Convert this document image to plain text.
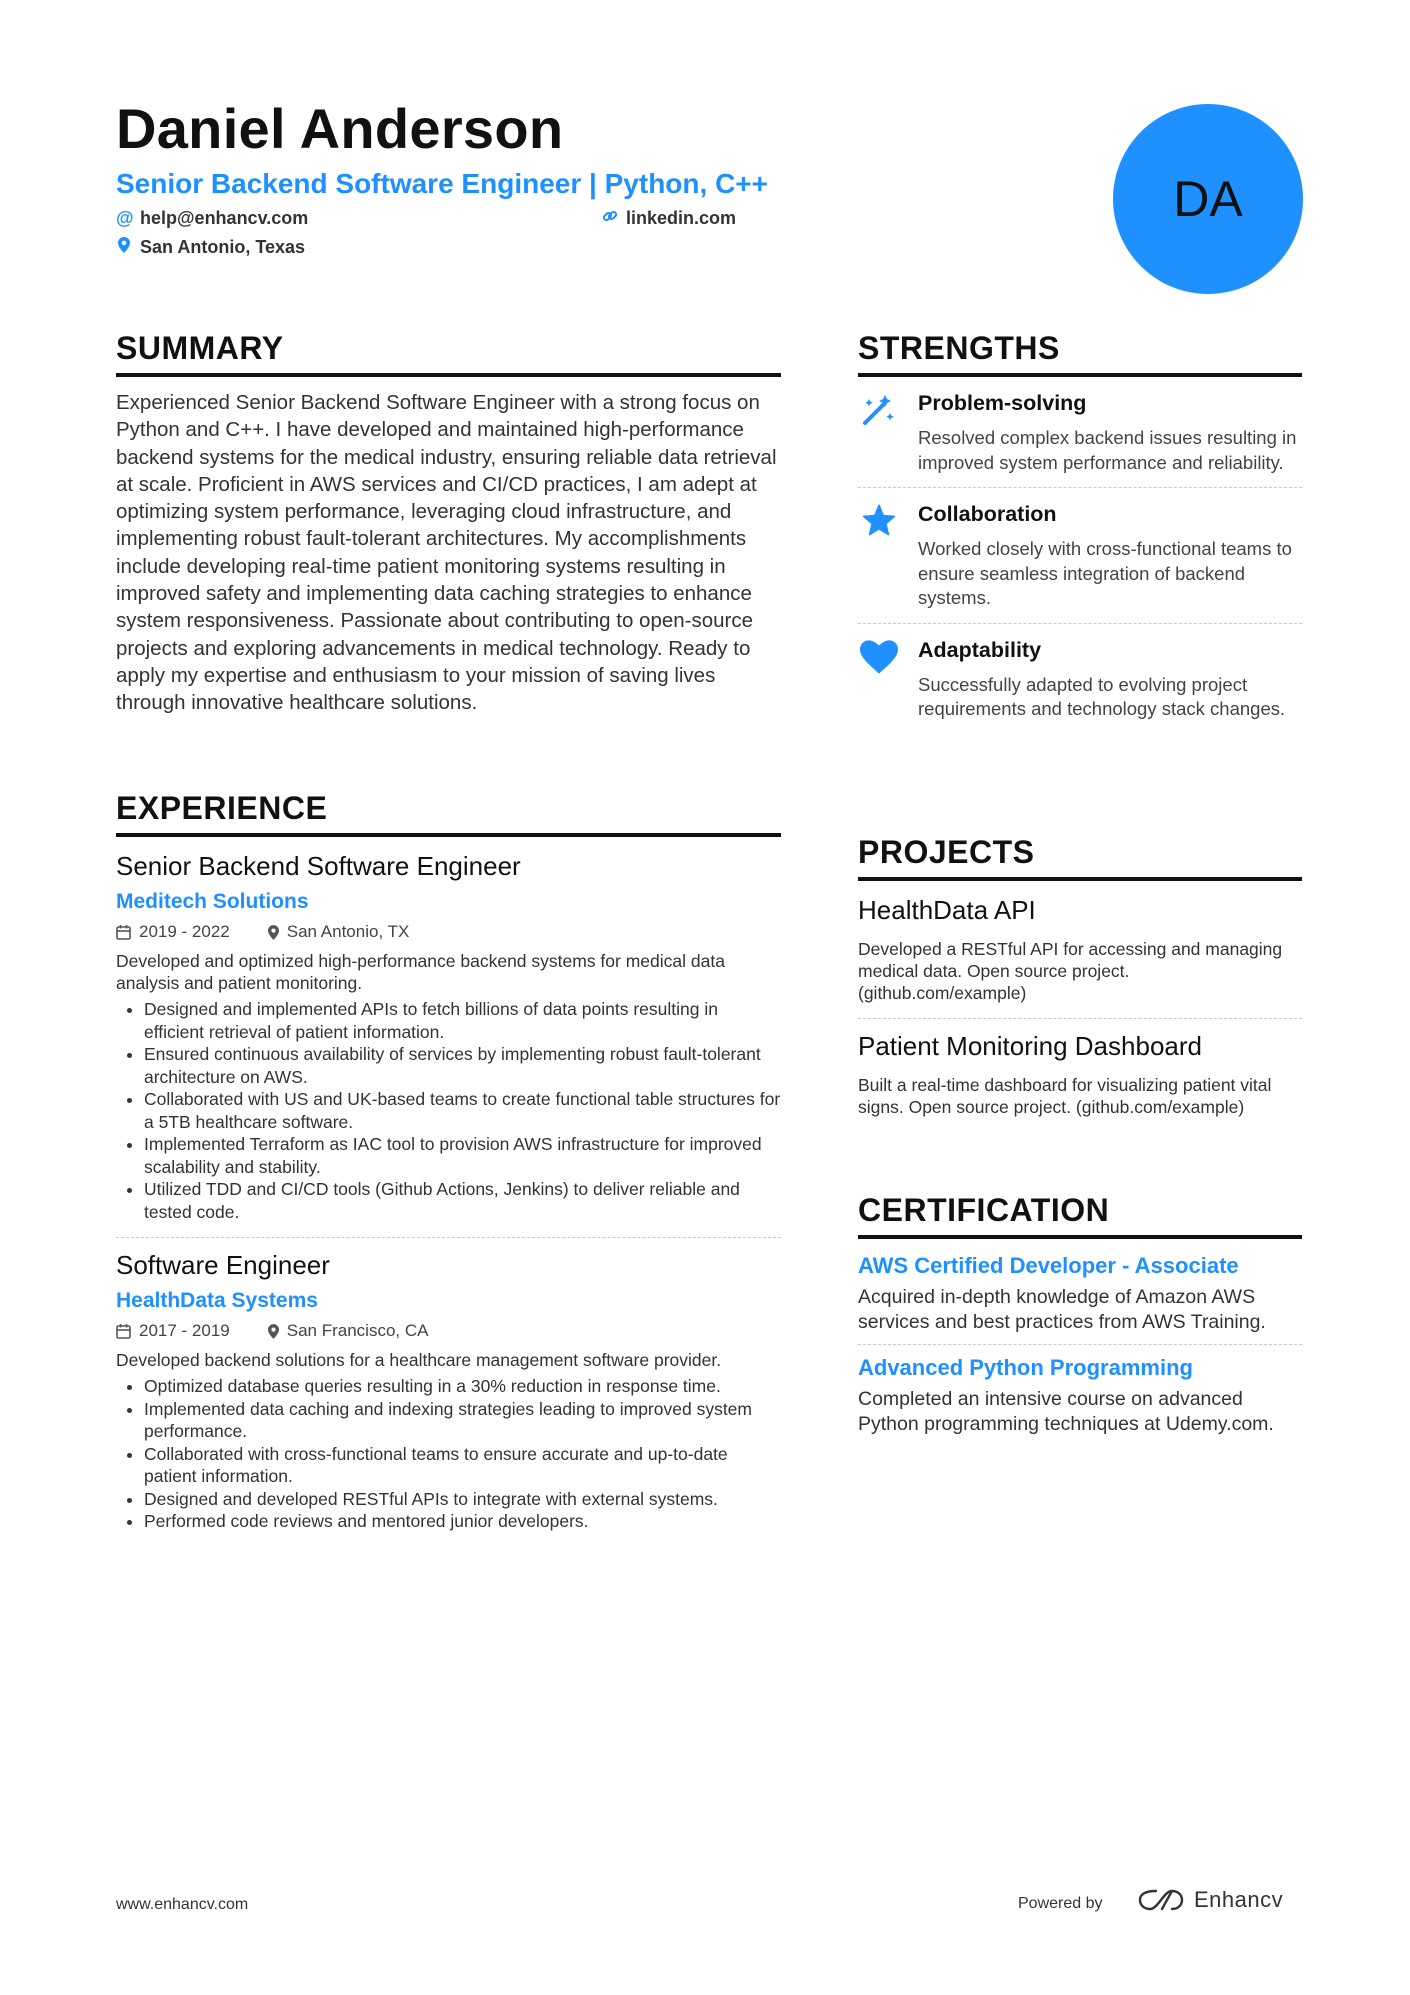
Daniel Anderson
Senior Backend Software Engineer | Python, C++
@ help@enhancv.com	linkedin.com
San Antonio, Texas
DA
SUMMARY
Experienced Senior Backend Software Engineer with a strong focus on Python and C++. I have developed and maintained high-performance backend systems for the medical industry, ensuring reliable data retrieval at scale. Proficient in AWS services and CI/CD practices, I am adept at optimizing system performance, leveraging cloud infrastructure, and implementing robust fault-tolerant architectures. My accomplishments include developing real-time patient monitoring systems resulting in improved safety and implementing data caching strategies to enhance system responsiveness. Passionate about contributing to open-source projects and exploring advancements in medical technology. Ready to apply my expertise and enthusiasm to your mission of saving lives through innovative healthcare solutions.
EXPERIENCE
Senior Backend Software Engineer
Meditech Solutions
2019 - 2022	San Antonio, TX
Developed and optimized high-performance backend systems for medical data analysis and patient monitoring.
• Designed and implemented APIs to fetch billions of data points resulting in efficient retrieval of patient information.
• Ensured continuous availability of services by implementing robust fault-tolerant architecture on AWS.
• Collaborated with US and UK-based teams to create functional table structures for a 5TB healthcare software.
• Implemented Terraform as IAC tool to provision AWS infrastructure for improved scalability and stability.
• Utilized TDD and CI/CD tools (Github Actions, Jenkins) to deliver reliable and tested code.
Software Engineer
HealthData Systems
2017 - 2019	San Francisco, CA
Developed backend solutions for a healthcare management software provider.
• Optimized database queries resulting in a 30% reduction in response time.
• Implemented data caching and indexing strategies leading to improved system performance.
• Collaborated with cross-functional teams to ensure accurate and up-to-date patient information.
• Designed and developed RESTful APIs to integrate with external systems.
• Performed code reviews and mentored junior developers.
STRENGTHS
Problem-solving
Resolved complex backend issues resulting in improved system performance and reliability.
Collaboration
Worked closely with cross-functional teams to ensure seamless integration of backend systems.
Adaptability
Successfully adapted to evolving project requirements and technology stack changes.
PROJECTS
HealthData API
Developed a RESTful API for accessing and managing medical data. Open source project. (github.com/example)
Patient Monitoring Dashboard
Built a real-time dashboard for visualizing patient vital signs. Open source project. (github.com/example)
CERTIFICATION
AWS Certified Developer - Associate
Acquired in-depth knowledge of Amazon AWS services and best practices from AWS Training.
Advanced Python Programming
Completed an intensive course on advanced Python programming techniques at Udemy.com.
www.enhancv.com	Powered by	Enhancv
